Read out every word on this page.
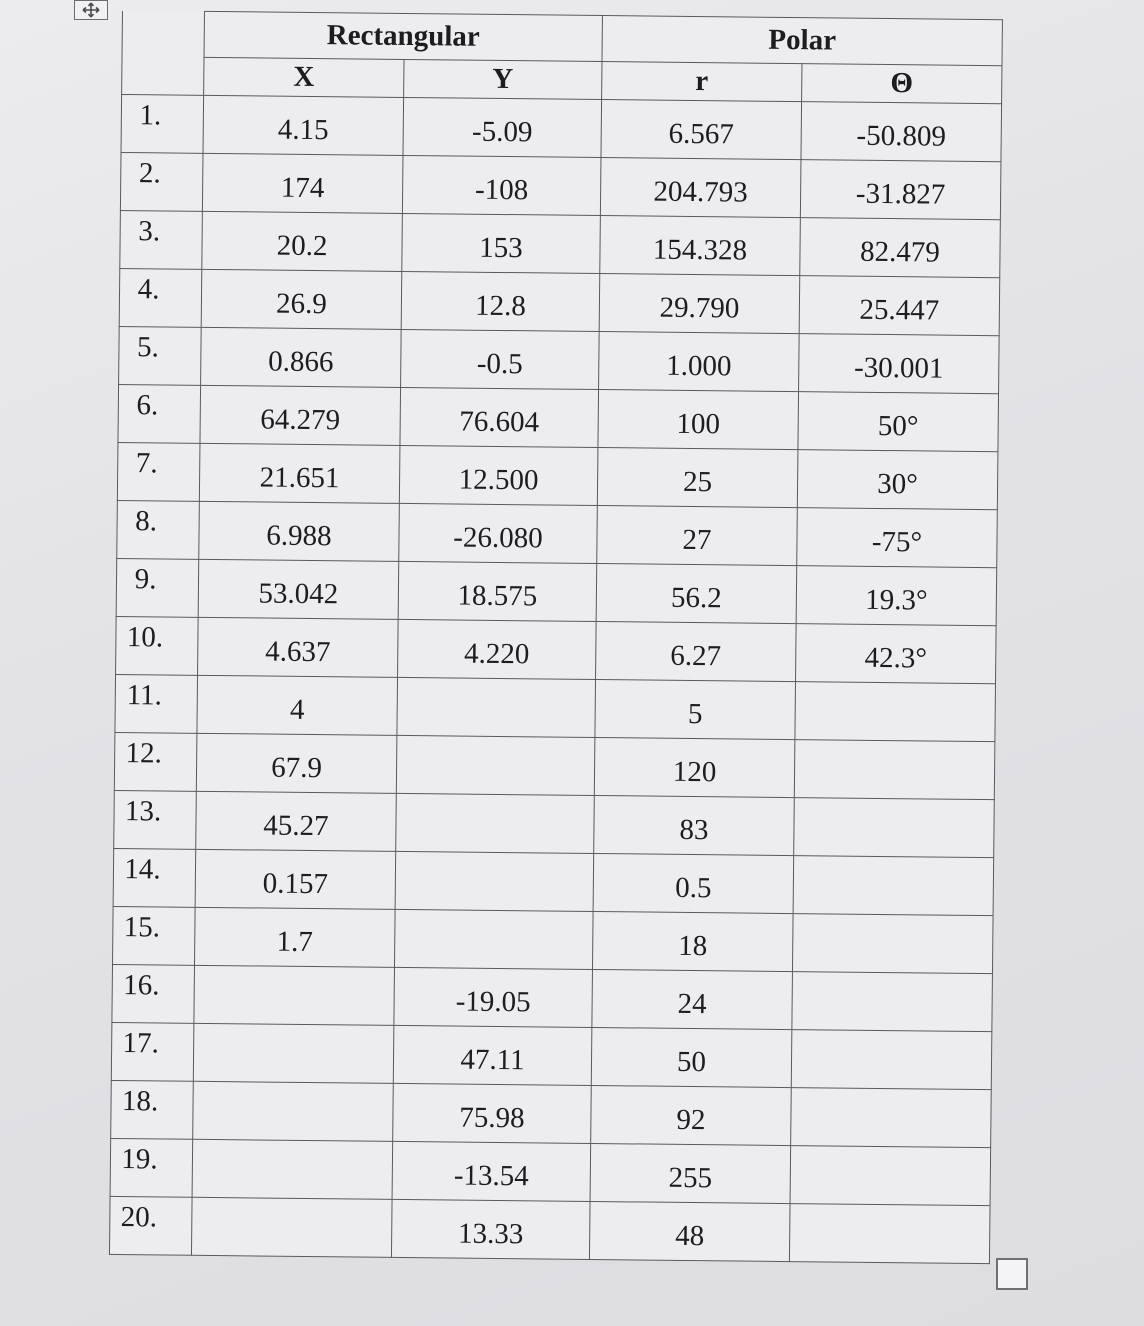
	Rectangular		Polar	
	X	Y	r	Θ
1.	4.15	-5.09	6.567	-50.809
2.	174	-108	204.793	-31.827
3.	20.2	153	154.328	82.479
4.	26.9	12.8	29.790	25.447
5.	0.866	-0.5	1.000	-30.001
6.	64.279	76.604	100	50°
7.	21.651	12.500	25	30°
8.	6.988	-26.080	27	-75°
9.	53.042	18.575	56.2	19.3°
10.	4.637	4.220	6.27	42.3°
11.	4		5	
12.	67.9		120	
13.	45.27		83	
14.	0.157		0.5	
15.	1.7		18	
16.		-19.05	24	
17.		47.11	50	
18.		75.98	92	
19.		-13.54	255	
20.		13.33	48	
